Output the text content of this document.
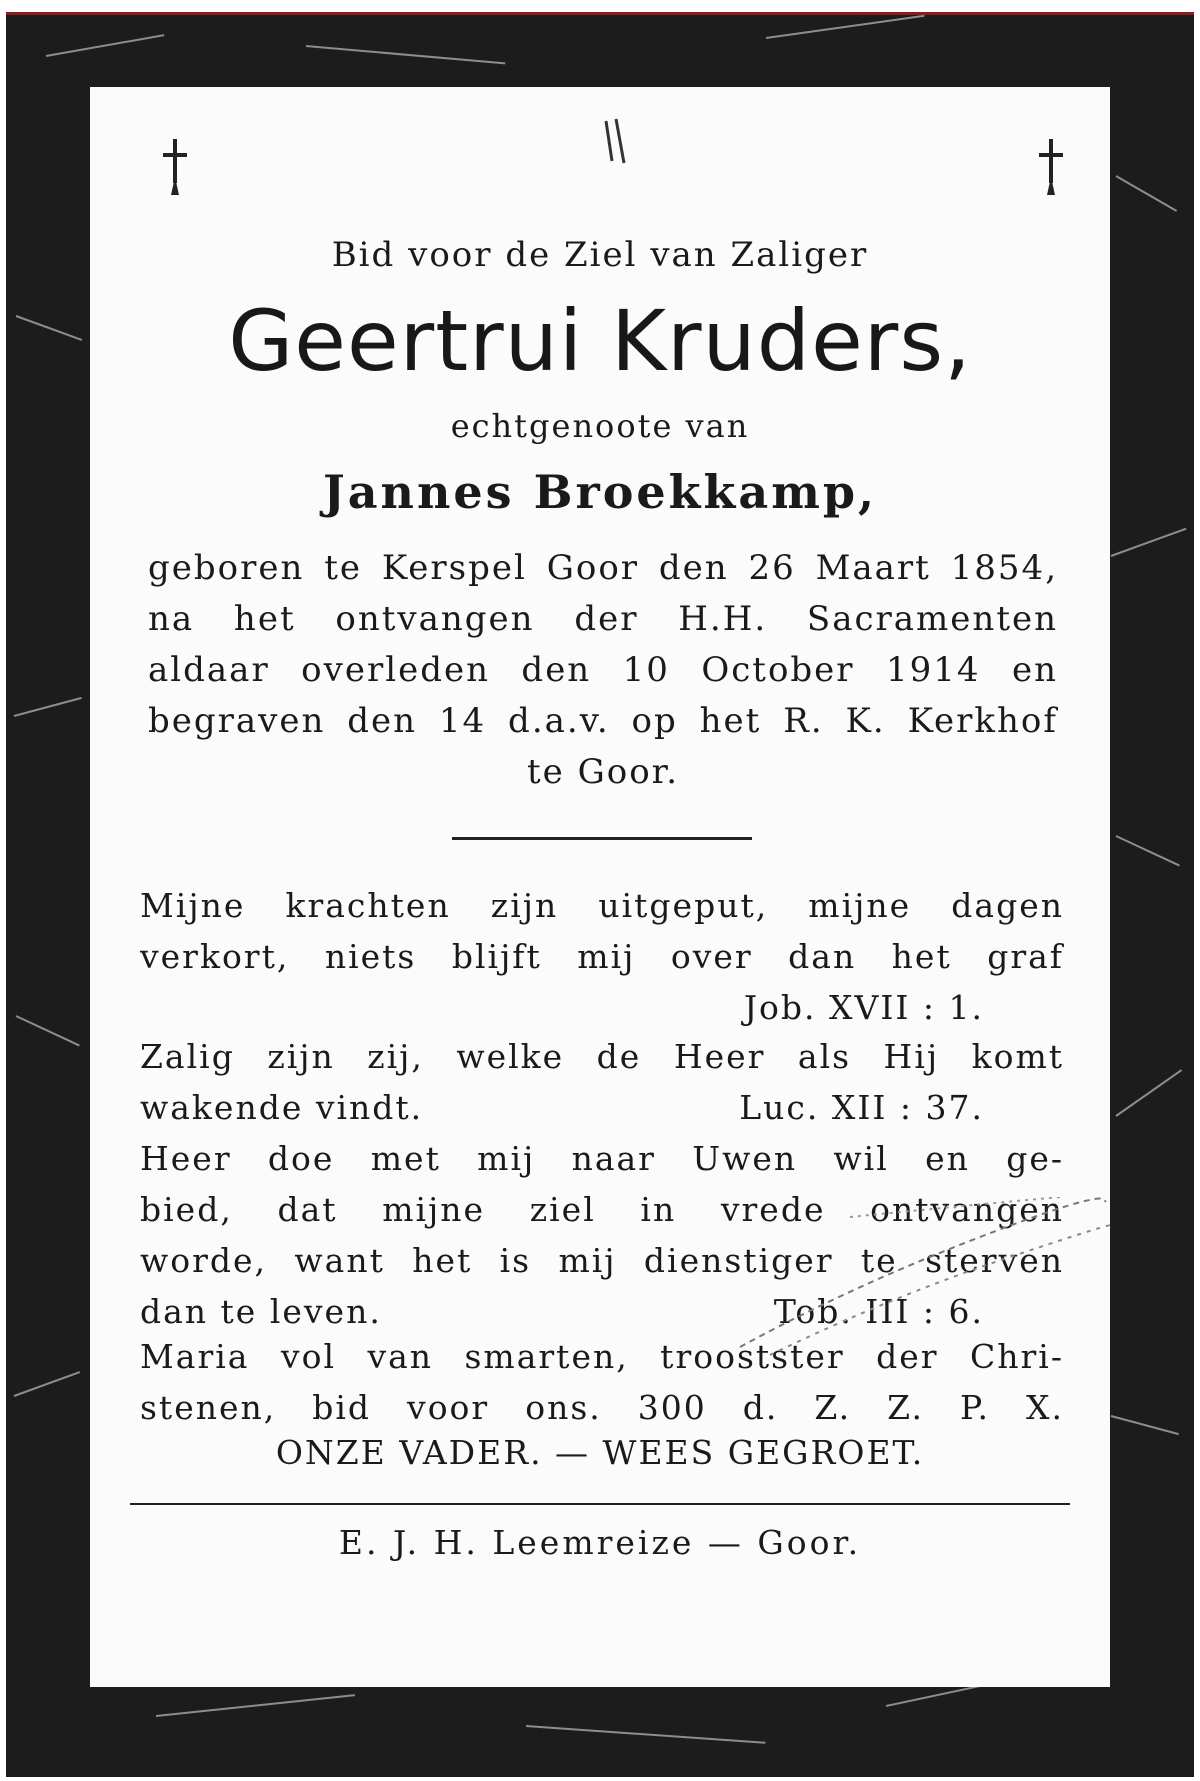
Bid voor de Ziel van Zaliger
Geertrui Kruders,
echtgenoote van
Jannes Broekkamp,
geboren te Kerspel Goor den 26 Maart 1854,
na het ontvangen der H.H. Sacramenten
aldaar overleden den 10 October 1914 en
begraven den 14 d.a.v. op het R. K. Kerkhof
te Goor.
Mijne krachten zijn uitgeput, mijne dagen
verkort, niets blijft mij over dan het graf
Job. XVII : 1.
Zalig zijn zij, welke de Heer als Hij komt
wakende vindt.	Luc. XII : 37.
Heer doe met mij naar Uwen wil en ge-
bied, dat mijne ziel in vrede ontvangen
worde, want het is mij dienstiger te sterven
dan te leven.	Tob. III : 6.
Maria vol van smarten, troostster der Chri-
stenen, bid voor ons. 300 d. Z. Z. P. X.
ONZE VADER. — WEES GEGROET.
E. J. H. Leemreize — Goor.
